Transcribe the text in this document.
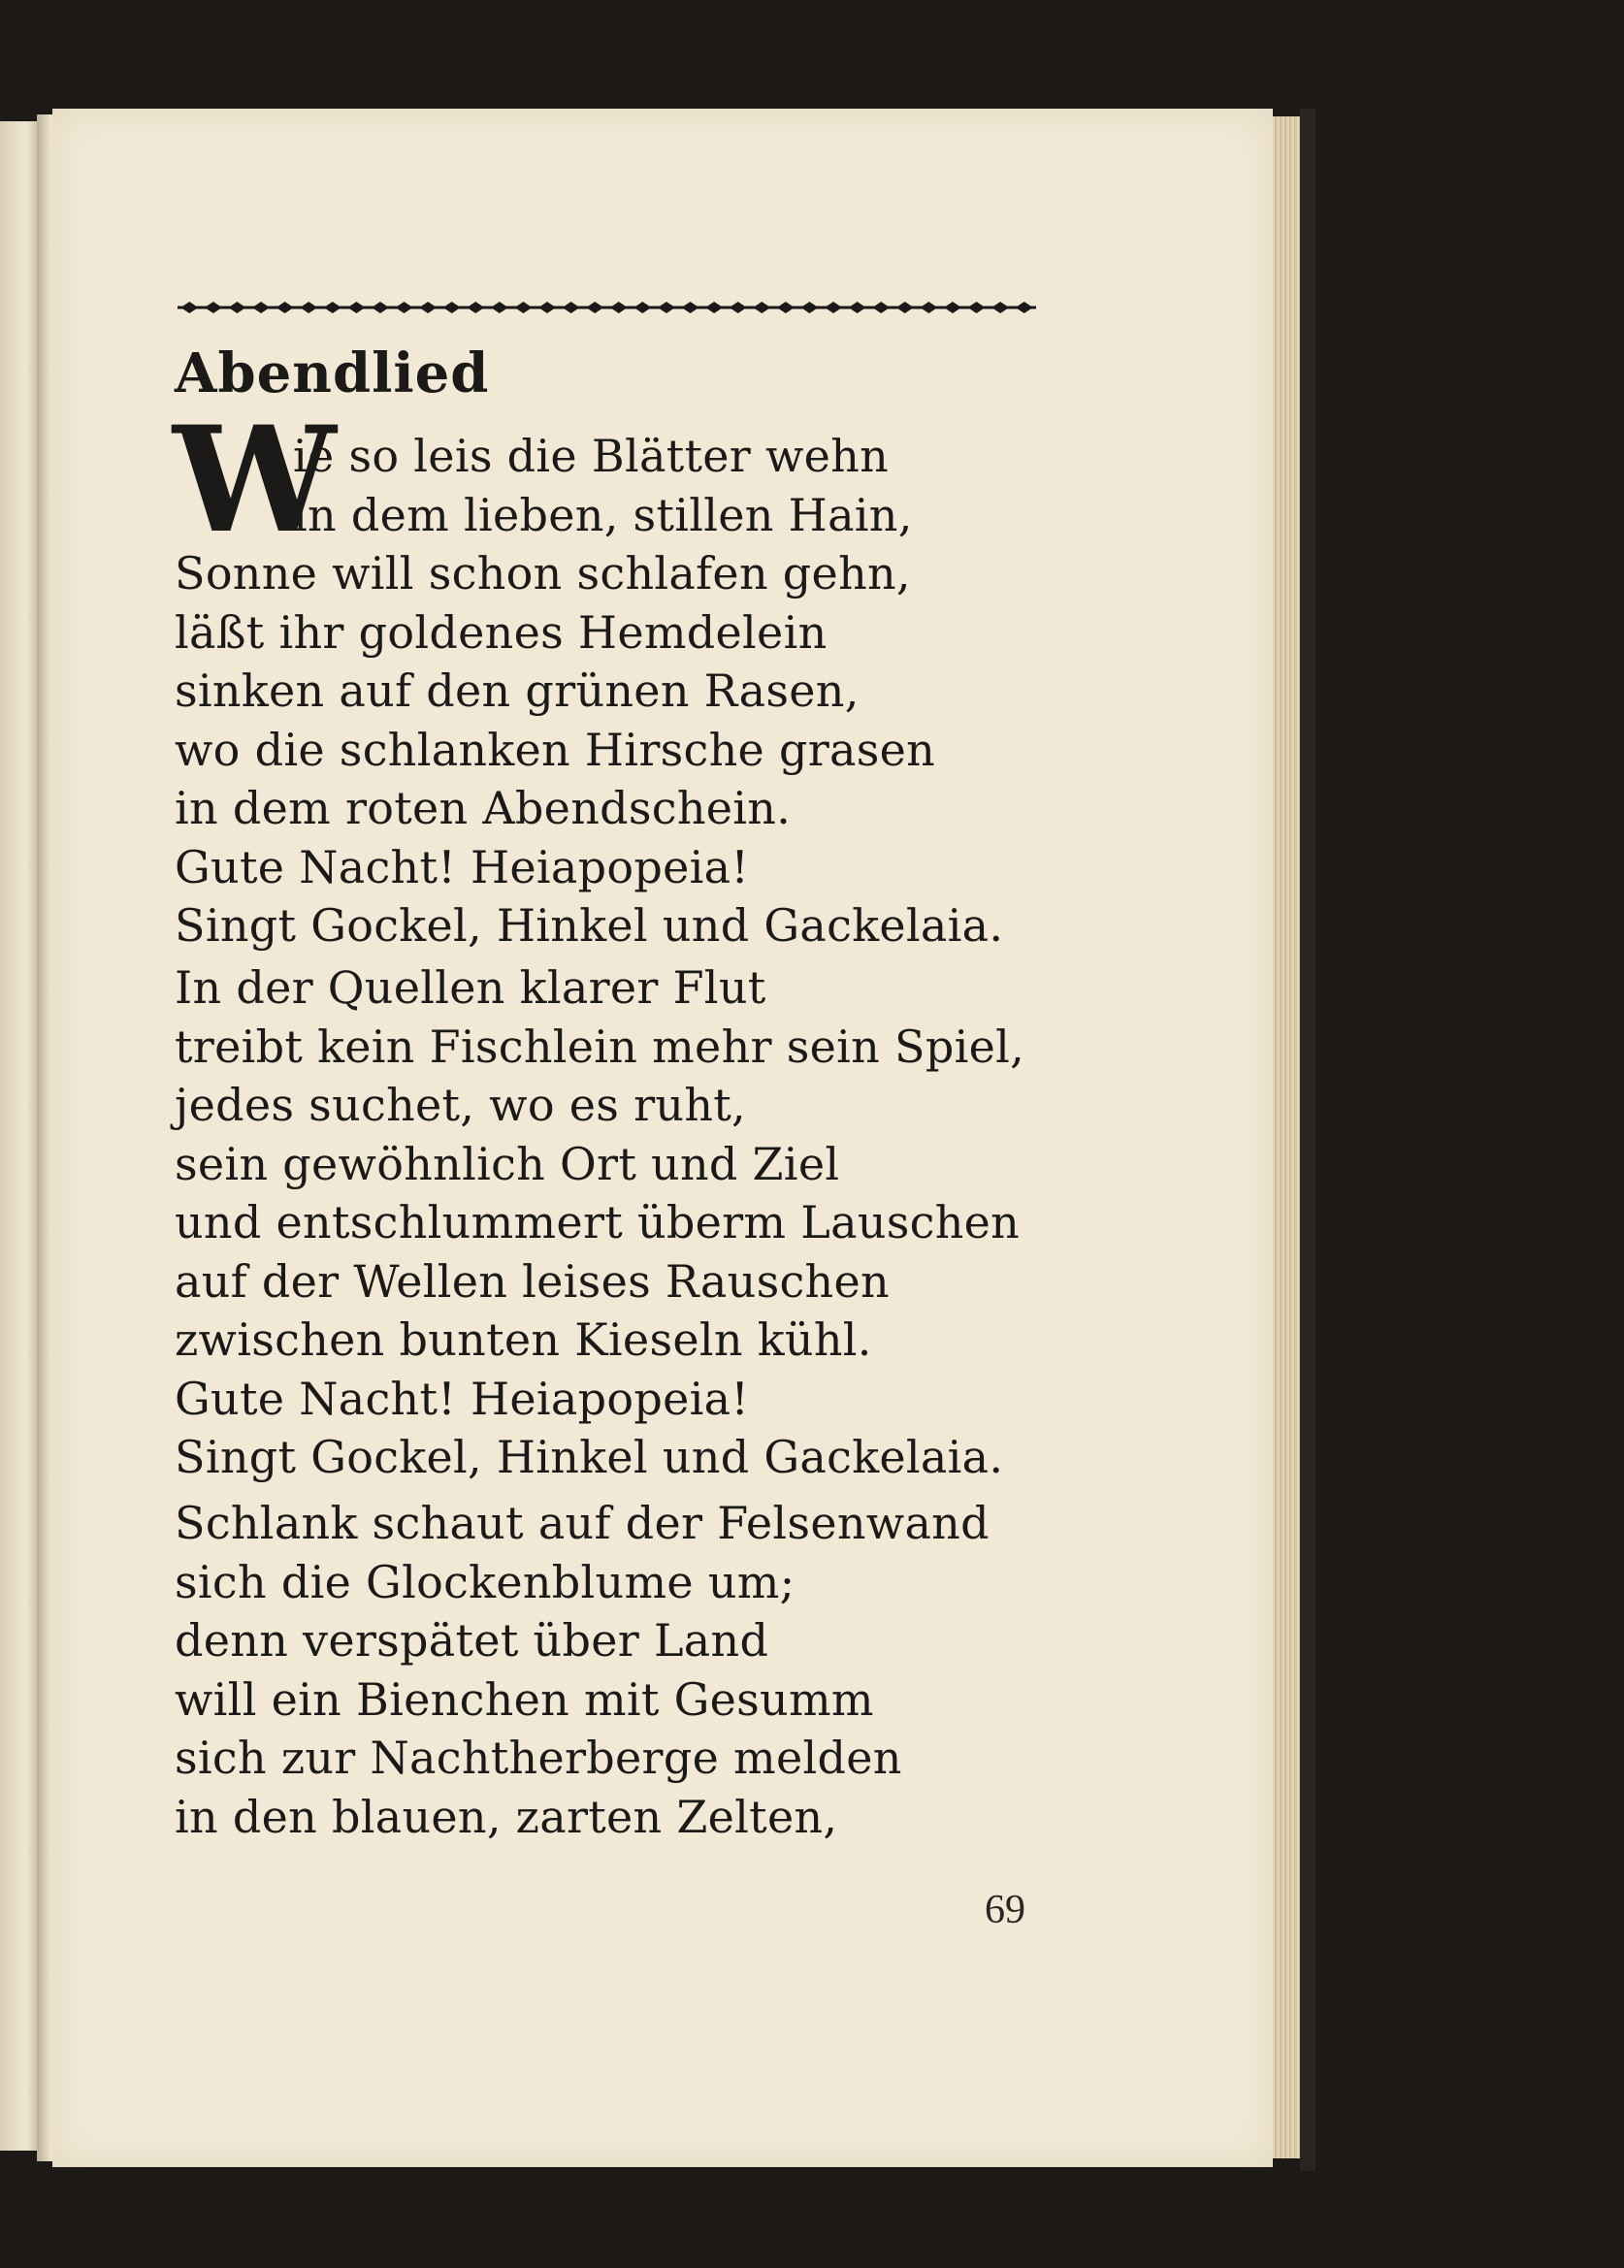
Abendlied
W
ie so leis die Blätter wehn
in dem lieben, stillen Hain,
Sonne will schon schlafen gehn,
läßt ihr goldenes Hemdelein
sinken auf den grünen Rasen,
wo die schlanken Hirsche grasen
in dem roten Abendschein.
Gute Nacht! Heiapopeia!
Singt Gockel, Hinkel und Gackelaia.
In der Quellen klarer Flut
treibt kein Fischlein mehr sein Spiel,
jedes suchet, wo es ruht,
sein gewöhnlich Ort und Ziel
und entschlummert überm Lauschen
auf der Wellen leises Rauschen
zwischen bunten Kieseln kühl.
Gute Nacht! Heiapopeia!
Singt Gockel, Hinkel und Gackelaia.
Schlank schaut auf der Felsenwand
sich die Glockenblume um;
denn verspätet über Land
will ein Bienchen mit Gesumm
sich zur Nachtherberge melden
in den blauen, zarten Zelten,
69
